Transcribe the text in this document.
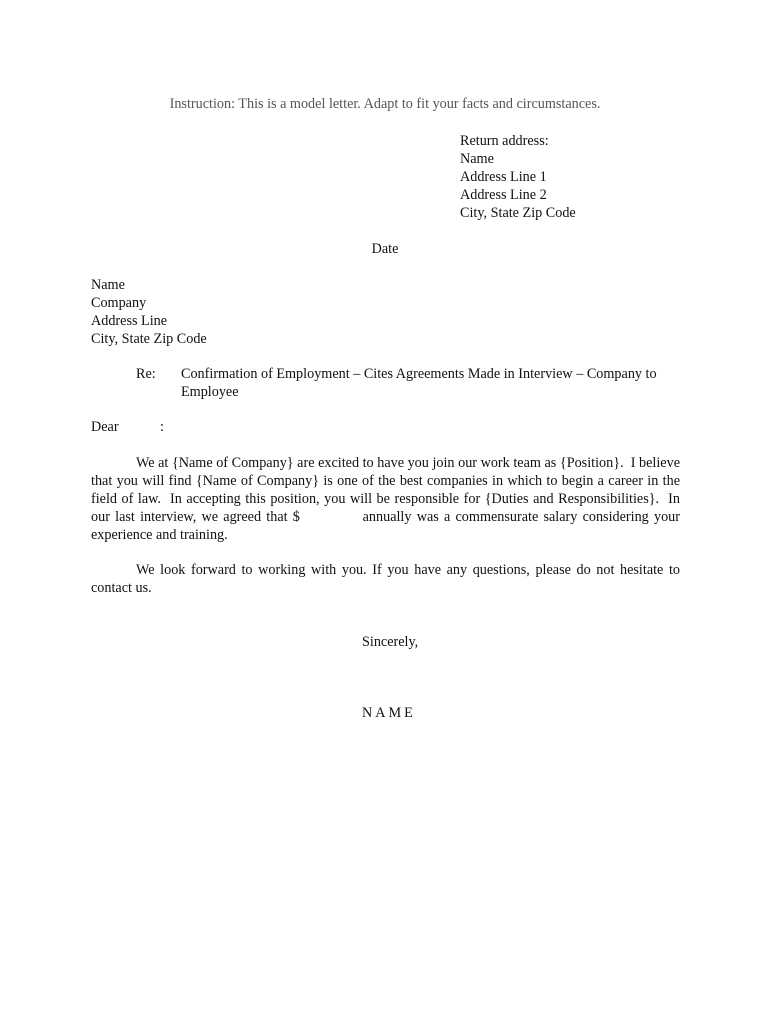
Instruction: This is a model letter. Adapt to fit your facts and circumstances.
Return address:
Name
Address Line 1
Address Line 2
City, State Zip Code
Date
Name
Company
Address Line
City, State Zip Code
Re: Confirmation of Employment – Cites Agreements Made in Interview – Company to Employee
Dear	:

We at {Name of Company} are excited to have you join our work team as {Position}.  I believe that you will find {Name of Company} is one of the best companies in which to begin a career in the field of law.  In accepting this position, you will be responsible for {Duties and Responsibilities}.  In our last interview, we agreed that $            annually was a commensurate salary considering your experience and training.

We look forward to working with you. If you have any questions, please do not hesitate to contact us.

Sincerely,
NAME
